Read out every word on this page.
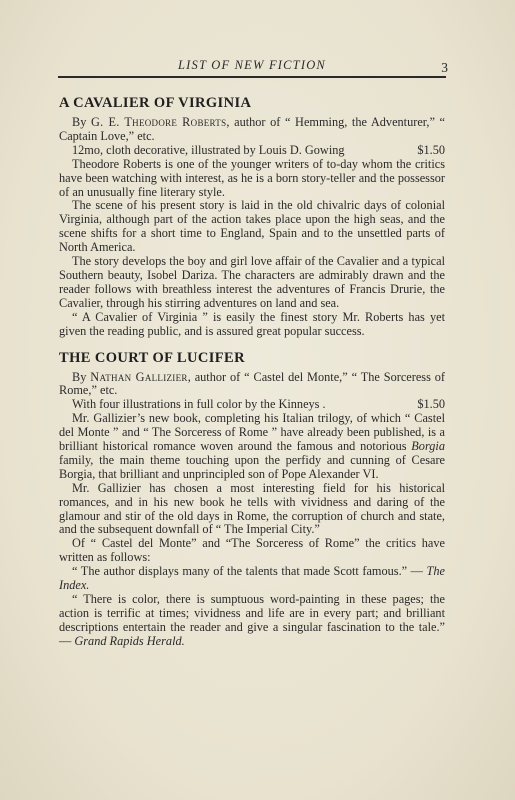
LIST OF NEW FICTION	3
A CAVALIER OF VIRGINIA

By G. E. Theodore Roberts, author of “ Hemming, the Adventurer,” “ Captain Love,” etc.

12mo, cloth decorative, illustrated by Louis D. Gowing	$1.50

Theodore Roberts is one of the younger writers of to-day whom the critics have been watching with interest, as he is a born story-teller and the possessor of an unusually fine literary style.

The scene of his present story is laid in the old chivalric days of colonial Virginia, although part of the action takes place upon the high seas, and the scene shifts for a short time to England, Spain and to the unsettled parts of North America.

The story develops the boy and girl love affair of the Cavalier and a typical Southern beauty, Isobel Dariza. The characters are admirably drawn and the reader follows with breathless interest the adventures of Francis Drurie, the Cavalier, through his stirring adventures on land and sea.

“ A Cavalier of Virginia ” is easily the finest story Mr. Roberts has yet given the reading public, and is assured great popular success.

THE COURT OF LUCIFER

By Nathan Gallizier, author of “ Castel del Monte,” “ The Sorceress of Rome,” etc.

With four illustrations in full color by the Kinneys .	$1.50

Mr. Gallizier’s new book, completing his Italian trilogy, of which “ Castel del Monte ” and “ The Sorceress of Rome ” have already been published, is a brilliant historical romance woven around the famous and notorious Borgia family, the main theme touching upon the perfidy and cunning of Cesare Borgia, that brilliant and unprincipled son of Pope Alexander VI.

Mr. Gallizier has chosen a most interesting field for his historical romances, and in his new book he tells with vividness and daring of the glamour and stir of the old days in Rome, the corruption of church and state, and the subsequent downfall of “ The Imperial City.”

Of “ Castel del Monte” and “The Sorceress of Rome” the critics have written as follows:

“ The author displays many of the talents that made Scott famous.” — The Index.

“ There is color, there is sumptuous word-painting in these pages; the action is terrific at times; vividness and life are in every part; and brilliant descriptions entertain the reader and give a singular fascination to the tale.” — Grand Rapids Herald.
